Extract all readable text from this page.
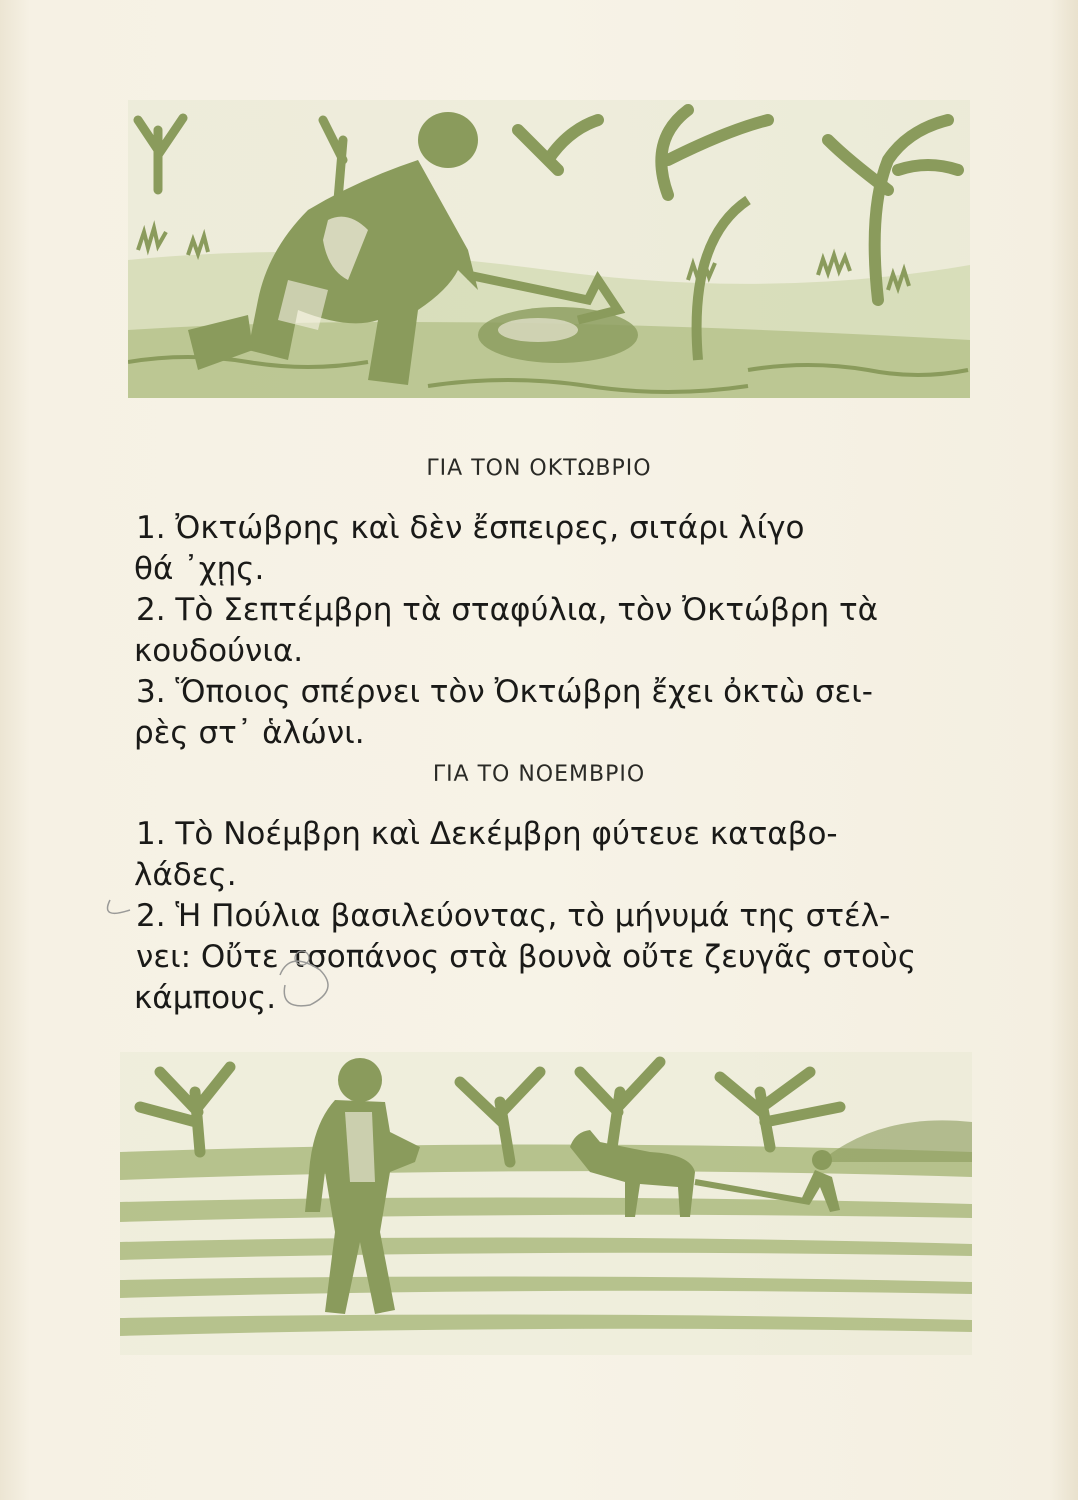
ΓΙΑ ΤΟΝ ΟΚΤΩΒΡΙΟ
1. Ὀκτώβρης καὶ δὲν ἔσπειρες, σιτάρι λίγο
θά ᾿χῃς.
2. Τὸ Σεπτέμβρη τὰ σταφύλια, τὸν Ὀκτώβρη τὰ
κουδούνια.
3. Ὅποιος σπέρνει τὸν Ὀκτώβρη ἔχει ὀκτὼ σει-
ρὲς στ᾿ ἁλώνι.
ΓΙΑ ΤΟ ΝΟΕΜΒΡΙΟ
1. Τὸ Νοέμβρη καὶ Δεκέμβρη φύτευε καταβο-
λάδες.
2. Ἡ Πούλια βασιλεύοντας, τὸ μήνυμά της στέλ-
νει: Οὔτε τσοπάνος στὰ βουνὰ οὔτε ζευγᾶς στοὺς
κάμπους.
